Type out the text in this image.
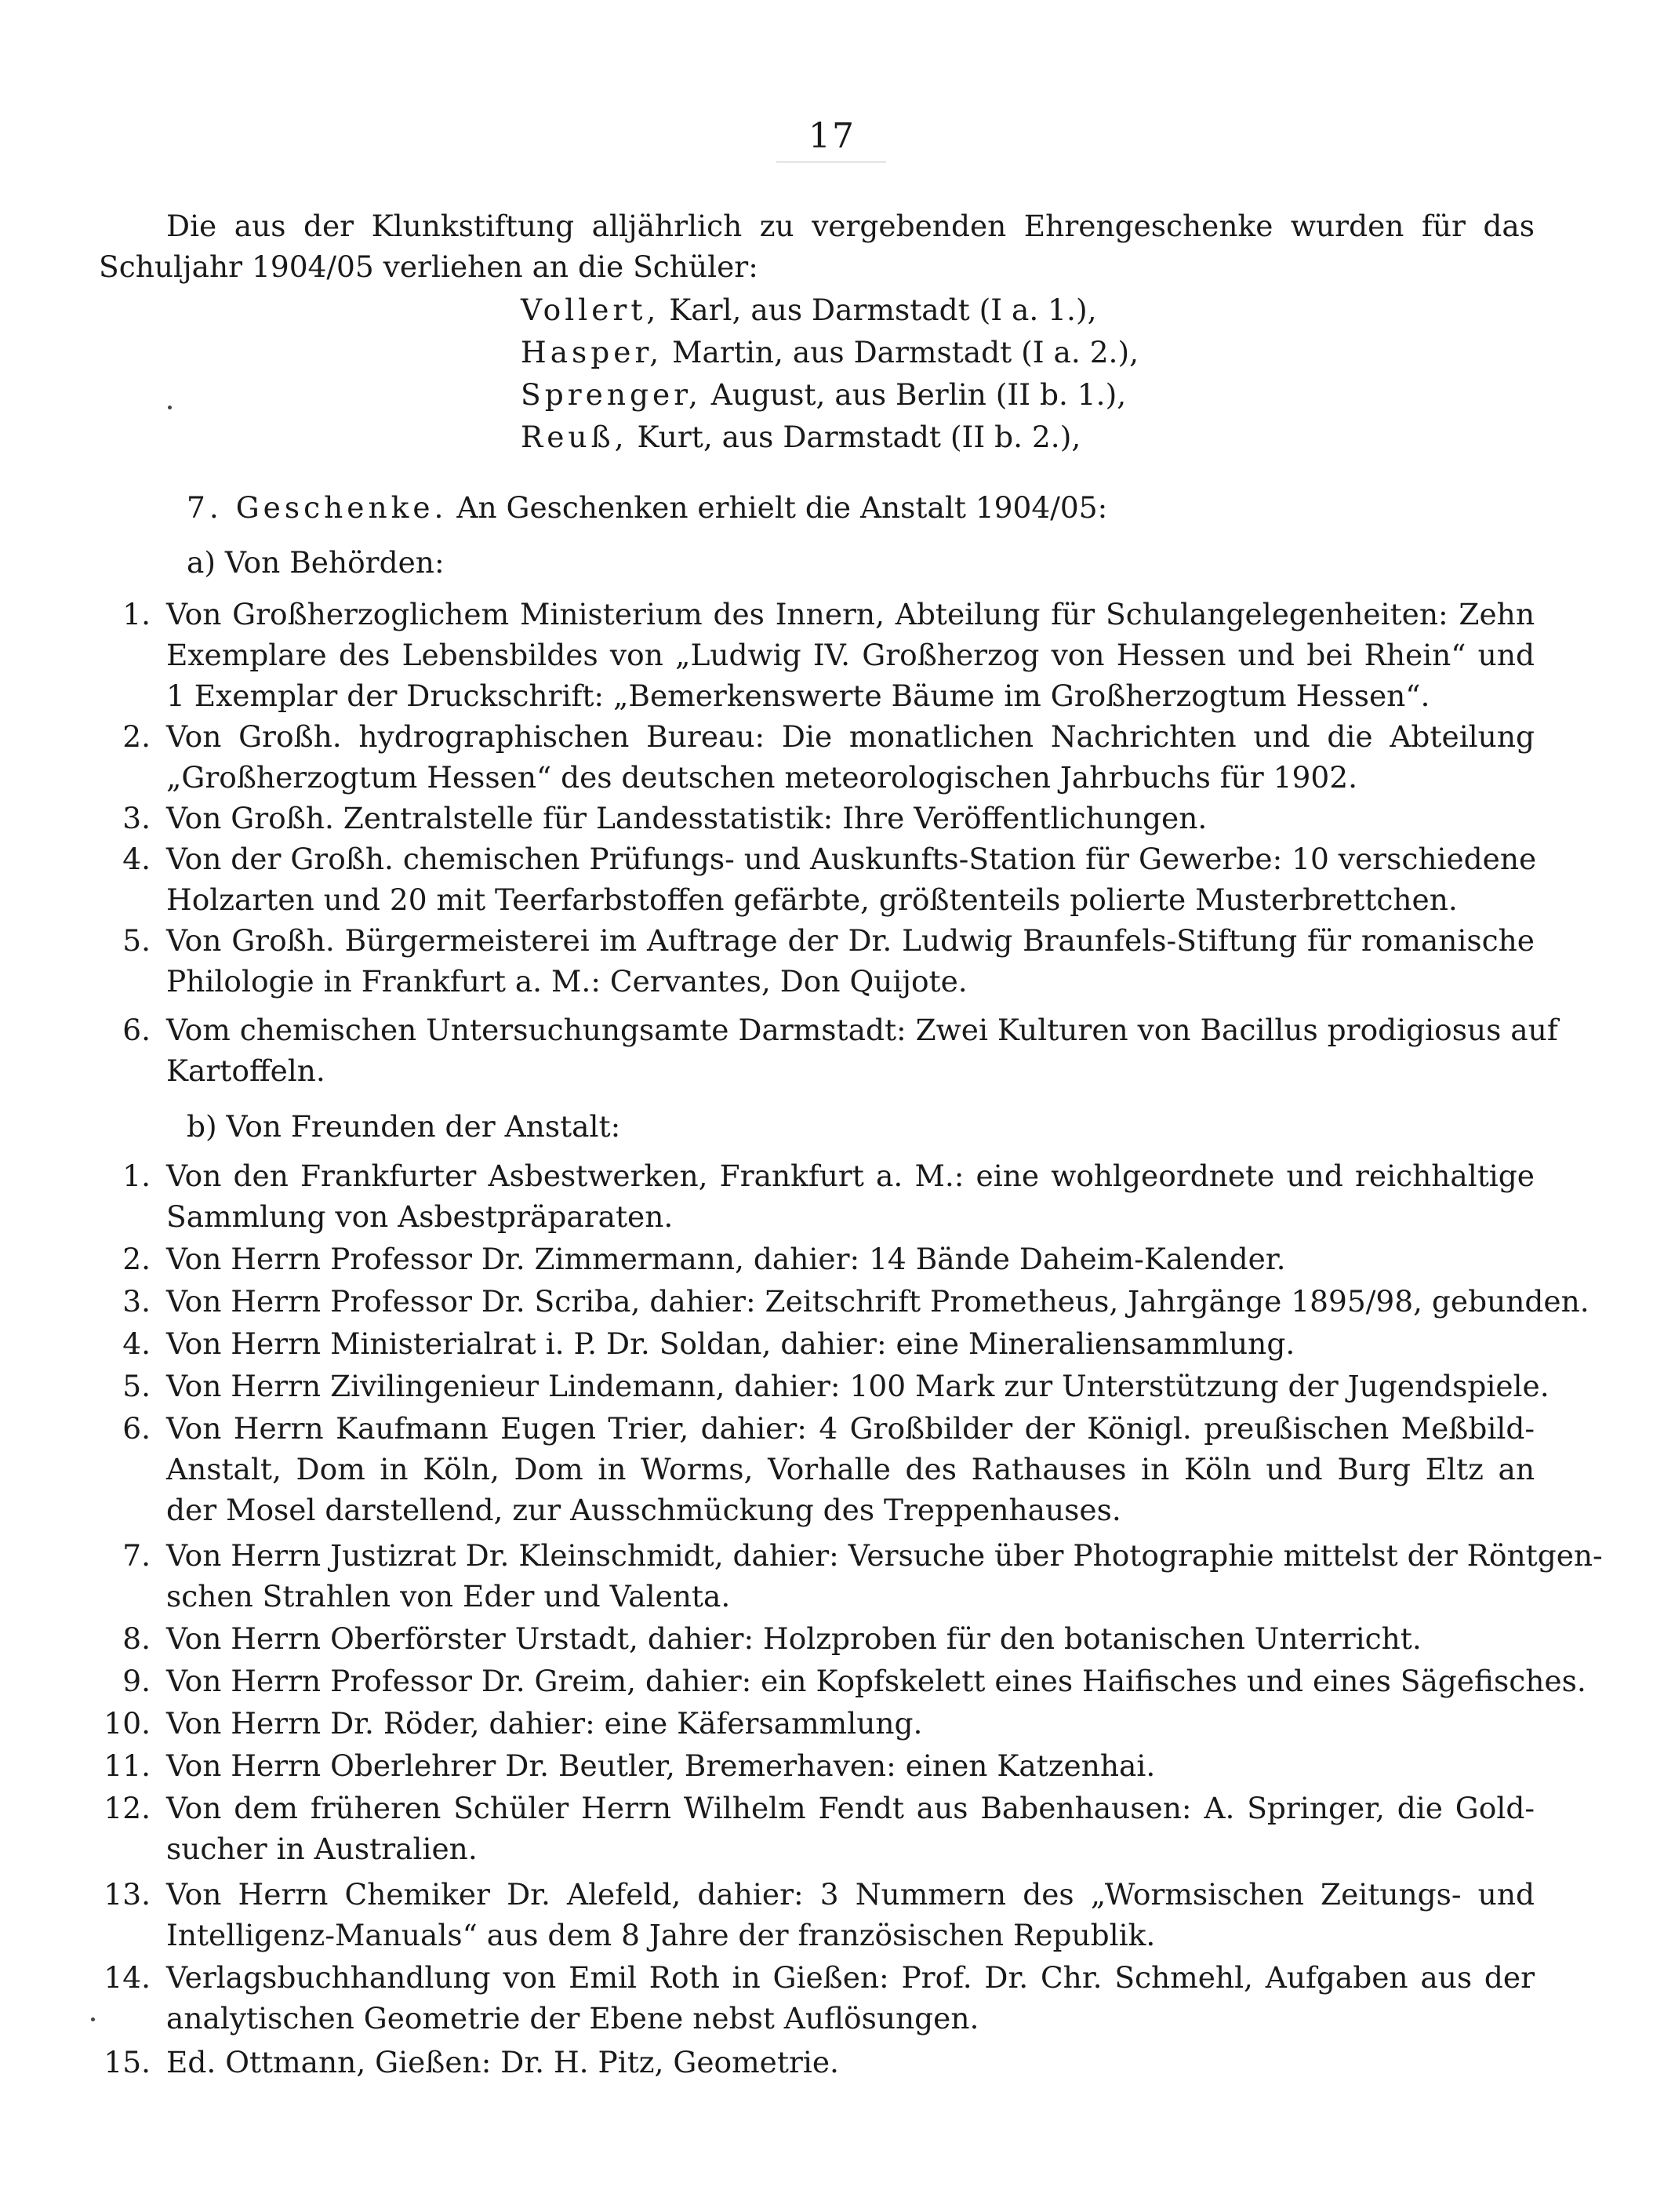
17
Die aus der Klunkstiftung alljährlich zu vergebenden Ehrengeschenke wurden für das
Schuljahr 1904/05 verliehen an die Schüler:
Vollert, Karl, aus Darmstadt (I a. 1.),
Hasper, Martin, aus Darmstadt (I a. 2.),
Sprenger, August, aus Berlin (II b. 1.),
Reuß, Kurt, aus Darmstadt (II b. 2.),
7. Geschenke. An Geschenken erhielt die Anstalt 1904/05:
a) Von Behörden:
1. Von Großherzoglichem Ministerium des Innern, Abteilung für Schulangelegenheiten: Zehn
Exemplare des Lebensbildes von „Ludwig IV. Großherzog von Hessen und bei Rhein“ und
1 Exemplar der Druckschrift: „Bemerkenswerte Bäume im Großherzogtum Hessen“.
2. Von Großh. hydrographischen Bureau: Die monatlichen Nachrichten und die Abteilung
„Großherzogtum Hessen“ des deutschen meteorologischen Jahrbuchs für 1902.
3. Von Großh. Zentralstelle für Landesstatistik: Ihre Veröffentlichungen.
4. Von der Großh. chemischen Prüfungs- und Auskunfts-Station für Gewerbe: 10 verschiedene
Holzarten und 20 mit Teerfarbstoffen gefärbte, größtenteils polierte Musterbrettchen.
5. Von Großh. Bürgermeisterei im Auftrage der Dr. Ludwig Braunfels-Stiftung für romanische
Philologie in Frankfurt a. M.: Cervantes, Don Quijote.
6. Vom chemischen Untersuchungsamte Darmstadt: Zwei Kulturen von Bacillus prodigiosus auf
Kartoffeln.
b) Von Freunden der Anstalt:
1. Von den Frankfurter Asbestwerken, Frankfurt a. M.: eine wohlgeordnete und reichhaltige
Sammlung von Asbestpräparaten.
2. Von Herrn Professor Dr. Zimmermann, dahier: 14 Bände Daheim-Kalender.
3. Von Herrn Professor Dr. Scriba, dahier: Zeitschrift Prometheus, Jahrgänge 1895/98, gebunden.
4. Von Herrn Ministerialrat i. P. Dr. Soldan, dahier: eine Mineraliensammlung.
5. Von Herrn Zivilingenieur Lindemann, dahier: 100 Mark zur Unterstützung der Jugendspiele.
6. Von Herrn Kaufmann Eugen Trier, dahier: 4 Großbilder der Königl. preußischen Meßbild-
Anstalt, Dom in Köln, Dom in Worms, Vorhalle des Rathauses in Köln und Burg Eltz an
der Mosel darstellend, zur Ausschmückung des Treppenhauses.
7. Von Herrn Justizrat Dr. Kleinschmidt, dahier: Versuche über Photographie mittelst der Röntgen-
schen Strahlen von Eder und Valenta.
8. Von Herrn Oberförster Urstadt, dahier: Holzproben für den botanischen Unterricht.
9. Von Herrn Professor Dr. Greim, dahier: ein Kopfskelett eines Haifisches und eines Sägefisches.
10. Von Herrn Dr. Röder, dahier: eine Käfersammlung.
11. Von Herrn Oberlehrer Dr. Beutler, Bremerhaven: einen Katzenhai.
12. Von dem früheren Schüler Herrn Wilhelm Fendt aus Babenhausen: A. Springer, die Gold-
sucher in Australien.
13. Von Herrn Chemiker Dr. Alefeld, dahier: 3 Nummern des „Wormsischen Zeitungs- und
Intelligenz-Manuals“ aus dem 8 Jahre der französischen Republik.
14. Verlagsbuchhandlung von Emil Roth in Gießen: Prof. Dr. Chr. Schmehl, Aufgaben aus der
analytischen Geometrie der Ebene nebst Auflösungen.
15. Ed. Ottmann, Gießen: Dr. H. Pitz, Geometrie.
